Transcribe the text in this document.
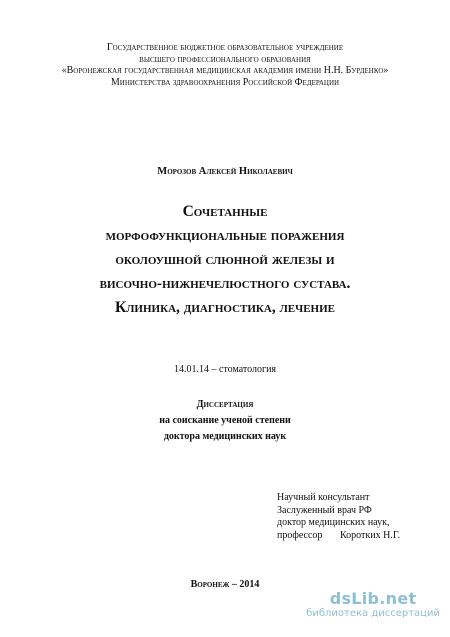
Государственное бюджетное образовательное учреждение
высшего профессионального образования
«Воронежская государственная медицинская академия имени Н.Н. Бурденко»
Министерства здравоохранения Российской Федерации
Морозов Алексей Николаевич
Сочетанные
морфофункциональные поражения
околоушной слюнной железы и
височно-нижнечелюстного сустава.
Клиника, диагностика, лечение
14.01.14 – стоматология
Диссертация
на соискание ученой степени
доктора медицинских наук
Научный консультант
Заслуженный врач РФ
доктор медицинских наук,
профессор Коротких Н.Г.
Воронеж – 2014
dsLib.net
библиотека диссертаций
